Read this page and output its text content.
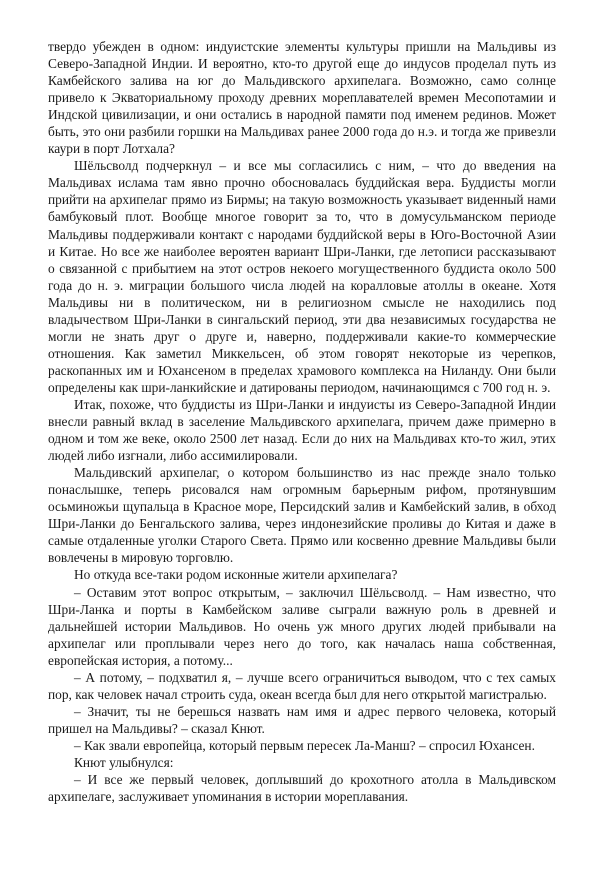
твердо убежден в одном: индуистские элементы культуры пришли на Мальдивы из Северо-Западной Индии. И вероятно, кто-то другой еще до индусов проделал путь из Камбейского залива на юг до Мальдивского архипелага. Возможно, само солнце привело к Экваториальному проходу древних мореплавателей времен Месопотамии и Индской цивилизации, и они остались в народной памяти под именем рединов. Может быть, это они разбили горшки на Мальдивах ранее 2000 года до н.э. и тогда же привезли каури в порт Лотхала?

Шёльсволд подчеркнул – и все мы согласились с ним, – что до введения на Мальдивах ислама там явно прочно обосновалась буддийская вера. Буддисты могли прийти на архипелаг прямо из Бирмы; на такую возможность указывает виденный нами бамбуковый плот. Вообще многое говорит за то, что в домусульманском периоде Мальдивы поддерживали контакт с народами буддийской веры в Юго-Восточной Азии и Китае. Но все же наиболее вероятен вариант Шри-Ланки, где летописи рассказывают о связанной с прибытием на этот остров некоего могущественного буддиста около 500 года до н. э. миграции большого числа людей на коралловые атоллы в океане. Хотя Мальдивы ни в политическом, ни в религиозном смысле не находились под владычеством Шри-Ланки в сингальский период, эти два независимых государства не могли не знать друг о друге и, наверно, поддерживали какие-то коммерческие отношения. Как заметил Миккельсен, об этом говорят некоторые из черепков, раскопанных им и Юхансеном в пределах храмового комплекса на Ниланду. Они были определены как шри-ланкийские и датированы периодом, начинающимся с 700 год н. э.

Итак, похоже, что буддисты из Шри-Ланки и индуисты из Северо-Западной Индии внесли равный вклад в заселение Мальдивского архипелага, причем даже примерно в одном и том же веке, около 2500 лет назад. Если до них на Мальдивах кто-то жил, этих людей либо изгнали, либо ассимилировали.

Мальдивский архипелаг, о котором большинство из нас прежде знало только понаслышке, теперь рисовался нам огромным барьерным рифом, протянувшим осьминожьи щупальца в Красное море, Персидский залив и Камбейский залив, в обход Шри-Ланки до Бенгальского залива, через индонезийские проливы до Китая и даже в самые отдаленные уголки Старого Света. Прямо или косвенно древние Мальдивы были вовлечены в мировую торговлю.

Но откуда все-таки родом исконные жители архипелага?

– Оставим этот вопрос открытым, – заключил Шёльсволд. – Нам известно, что Шри-Ланка и порты в Камбейском заливе сыграли важную роль в древней и дальнейшей истории Мальдивов. Но очень уж много других людей прибывали на архипелаг или проплывали через него до того, как началась наша собственная, европейская история, а потому...

– А потому, – подхватил я, – лучше всего ограничиться выводом, что с тех самых пор, как человек начал строить суда, океан всегда был для него открытой магистралью.

– Значит, ты не берешься назвать нам имя и адрес первого человека, который пришел на Мальдивы? – сказал Кнют.

– Как звали европейца, который первым пересек Ла-Манш? – спросил Юхансен.

Кнют улыбнулся:

– И все же первый человек, доплывший до крохотного атолла в Мальдивском архипелаге, заслуживает упоминания в истории мореплавания.
